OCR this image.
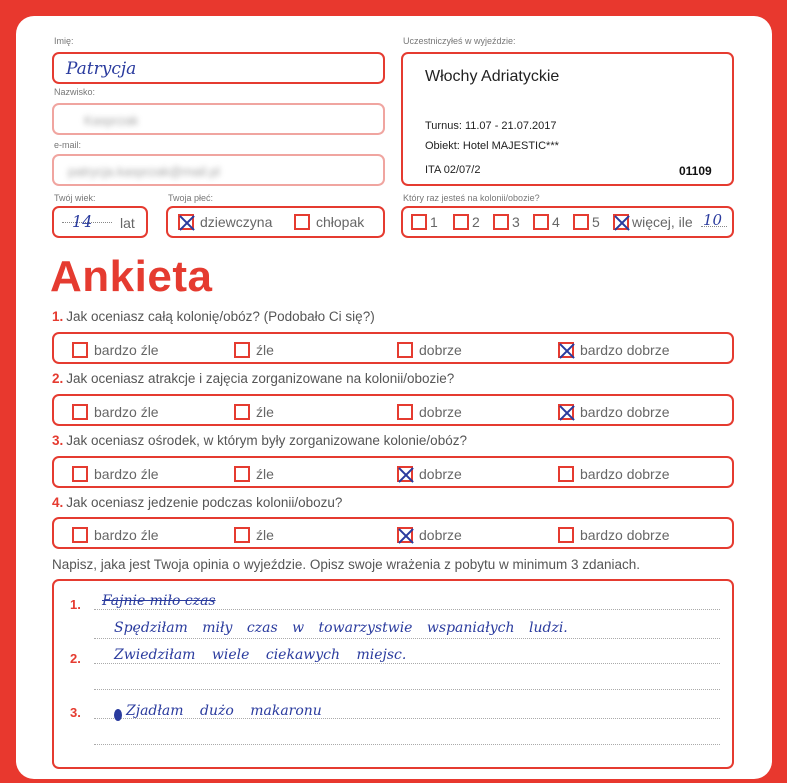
Imię:
Patrycja
Nazwisko:
Kasprzak
e-mail:
patrycja.kasprzak@mail.pl
Twój wiek:
14 lat
Twoja płeć:
dziewczyna	chłopak
Uczestniczyłeś w wyjeździe:
Włochy Adriatyckie
Turnus: 11.07 - 21.07.2017
Obiekt: Hotel MAJESTIC***
ITA 02/07/2	01109
Który raz jesteś na kolonii/obozie?
1 2 3 4 5 więcej, ile 10
Ankieta
1. Jak oceniasz całą kolonię/obóz? (Podobało Ci się?)
bardzo źle	źle	dobrze	bardzo dobrze
2. Jak oceniasz atrakcje i zajęcia zorganizowane na kolonii/obozie?
bardzo źle	źle	dobrze	bardzo dobrze
3. Jak oceniasz ośrodek, w którym były zorganizowane kolonie/obóz?
bardzo źle	źle	dobrze	bardzo dobrze
4. Jak oceniasz jedzenie podczas kolonii/obozu?
bardzo źle	źle	dobrze	bardzo dobrze
Napisz, jaka jest Twoja opinia o wyjeździe. Opisz swoje wrażenia z pobytu w minimum 3 zdaniach.
1.
2.
3.
Fajnie miło czas
Spędziłam miły czas w towarzystwie wspaniałych ludzi.
Zwiedziłam wiele ciekawych miejsc.
Zjadłam dużo makaronu
